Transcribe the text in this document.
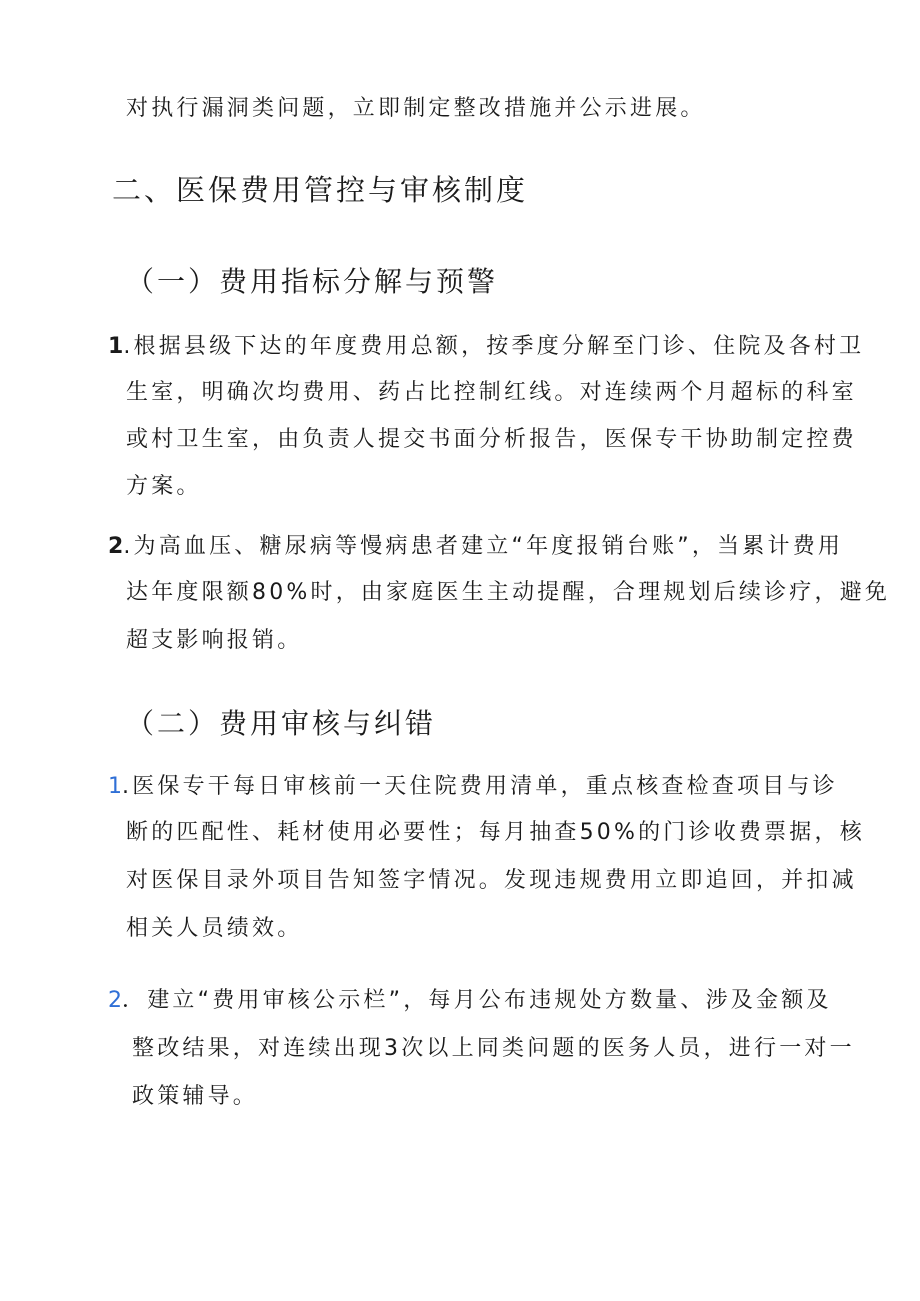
对执行漏洞类问题，立即制定整改措施并公示进展。
二、医保费用管控与审核制度
（一）费用指标分解与预警
1.根据县级下达的年度费用总额，按季度分解至门诊、住院及各村卫
生室，明确次均费用、药占比控制红线。对连续两个月超标的科室
或村卫生室，由负责人提交书面分析报告，医保专干协助制定控费
方案。
2.为高血压、糖尿病等慢病患者建立“年度报销台账”，当累计费用
达年度限额80%时，由家庭医生主动提醒，合理规划后续诊疗，避免
超支影响报销。
（二）费用审核与纠错
1.医保专干每日审核前一天住院费用清单，重点核查检查项目与诊
断的匹配性、耗材使用必要性；每月抽查50%的门诊收费票据，核
对医保目录外项目告知签字情况。发现违规费用立即追回，并扣减
相关人员绩效。
2．建立“费用审核公示栏”，每月公布违规处方数量、涉及金额及
整改结果，对连续出现3次以上同类问题的医务人员，进行一对一
政策辅导。
